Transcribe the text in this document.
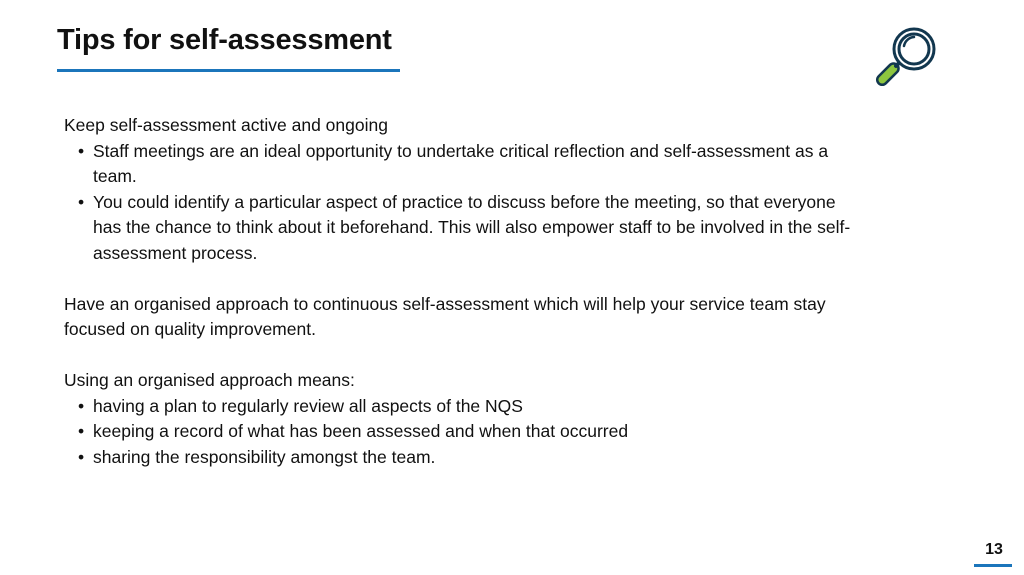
Tips for self-assessment

Keep self-assessment active and ongoing

• Staff meetings are an ideal opportunity to undertake critical reflection and self-assessment as a team.
• You could identify a particular aspect of practice to discuss before the meeting, so that everyone has the chance to think about it beforehand. This will also empower staff to be involved in the self-assessment process.

Have an organised approach to continuous self-assessment which will help your service team stay focused on quality improvement.

Using an organised approach means:

• having a plan to regularly review all aspects of the NQS
• keeping a record of what has been assessed and when that occurred
• sharing the responsibility amongst the team.
13
